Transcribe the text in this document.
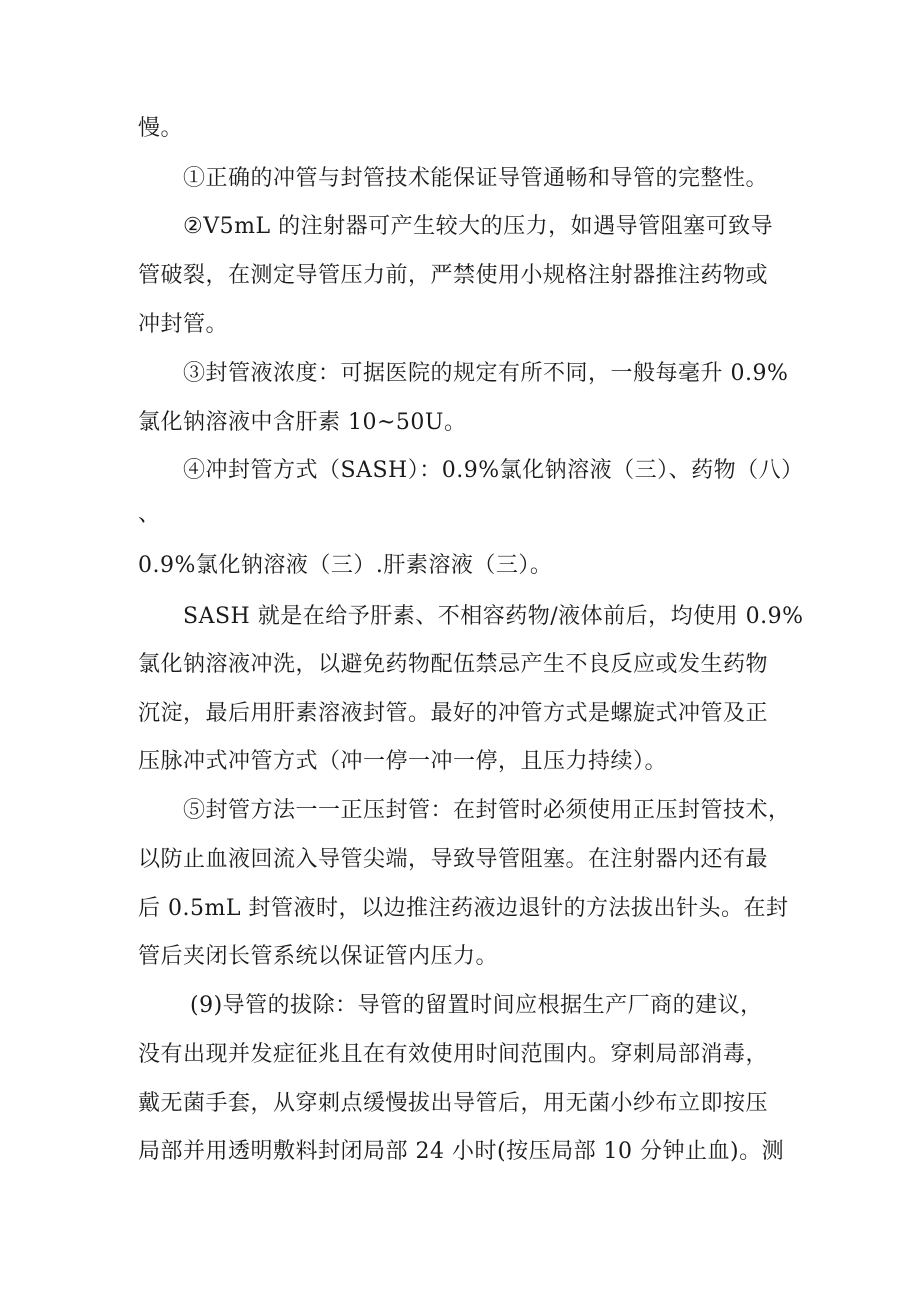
慢。
①正确的冲管与封管技术能保证导管通畅和导管的完整性。
②V5mL 的注射器可产生较大的压力，如遇导管阻塞可致导
管破裂，在测定导管压力前，严禁使用小规格注射器推注药物或
冲封管。
③封管液浓度：可据医院的规定有所不同，一般每毫升 0.9%
氯化钠溶液中含肝素 10~50U。
④冲封管方式（SASH）：0.9%氯化钠溶液（三）、药物（八）
、
0.9%氯化钠溶液（三）.肝素溶液（三）。
SASH 就是在给予肝素、不相容药物/液体前后，均使用 0.9%
氯化钠溶液冲洗，以避免药物配伍禁忌产生不良反应或发生药物
沉淀，最后用肝素溶液封管。最好的冲管方式是螺旋式冲管及正
压脉冲式冲管方式（冲一停一冲一停，且压力持续）。
⑤封管方法一一正压封管：在封管时必须使用正压封管技术，
以防止血液回流入导管尖端，导致导管阻塞。在注射器内还有最
后 0.5mL 封管液时，以边推注药液边退针的方法拔出针头。在封
管后夹闭长管系统以保证管内压力。
(9)导管的拔除：导管的留置时间应根据生产厂商的建议，
没有出现并发症征兆且在有效使用时间范围内。穿刺局部消毒，
戴无菌手套，从穿刺点缓慢拔出导管后，用无菌小纱布立即按压
局部并用透明敷料封闭局部 24 小时(按压局部 10 分钟止血)。测
